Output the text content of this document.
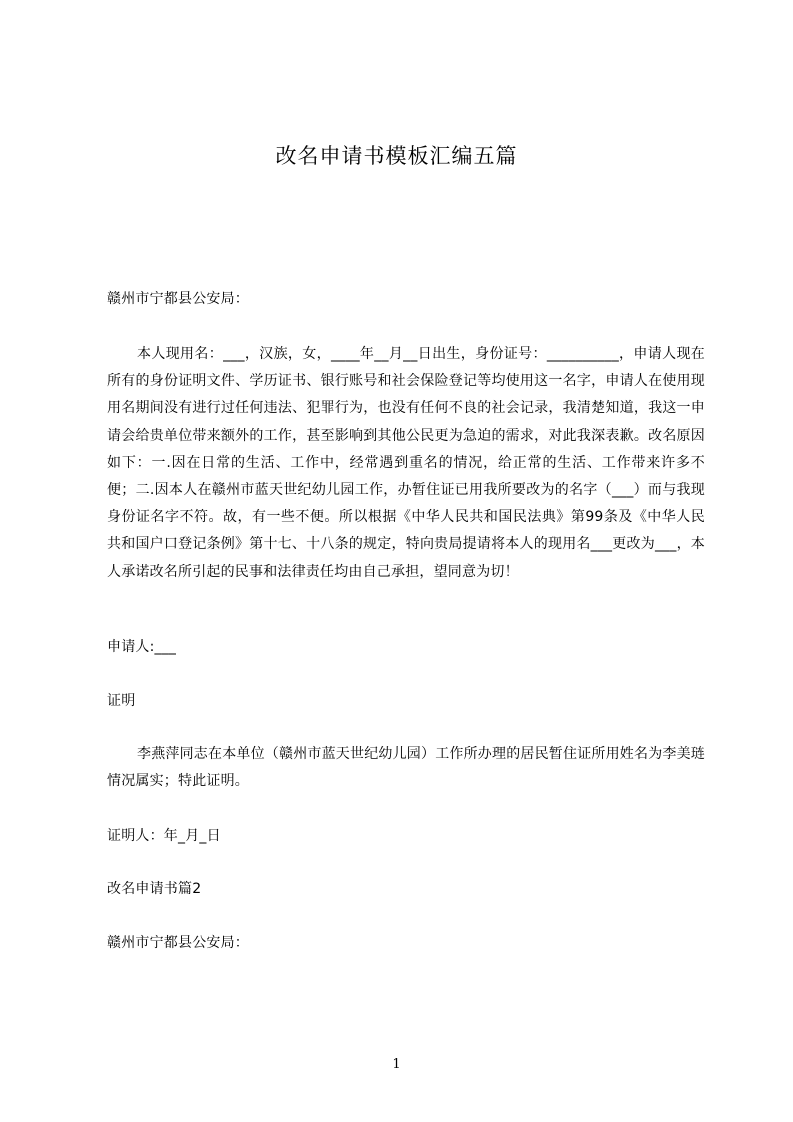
改名申请书模板汇编五篇

赣州市宁都县公安局：

本人现用名：___，汉族，女，____年__月__日出生，身份证号：__________，申请人现在所有的身份证明文件、学历证书、银行账号和社会保险登记等均使用这一名字，申请人在使用现用名期间没有进行过任何违法、犯罪行为，也没有任何不良的社会记录，我清楚知道，我这一申请会给贵单位带来额外的工作，甚至影响到其他公民更为急迫的需求，对此我深表歉。改名原因如下：一.因在日常的生活、工作中，经常遇到重名的情况，给正常的生活、工作带来许多不便；二.因本人在赣州市蓝天世纪幼儿园工作，办暂住证已用我所要改为的名字（___）而与我现身份证名字不符。故，有一些不便。所以根据《中华人民共和国民法典》第99条及《中华人民共和国户口登记条例》第十七、十八条的规定，特向贵局提请将本人的现用名___更改为___，本人承诺改名所引起的民事和法律责任均由自己承担，望同意为切！

申请人:___

证明

李燕萍同志在本单位（赣州市蓝天世纪幼儿园）工作所办理的居民暂住证所用姓名为李美琏情况属实；特此证明。

证明人：年_月_日

改名申请书篇2

赣州市宁都县公安局：

1
